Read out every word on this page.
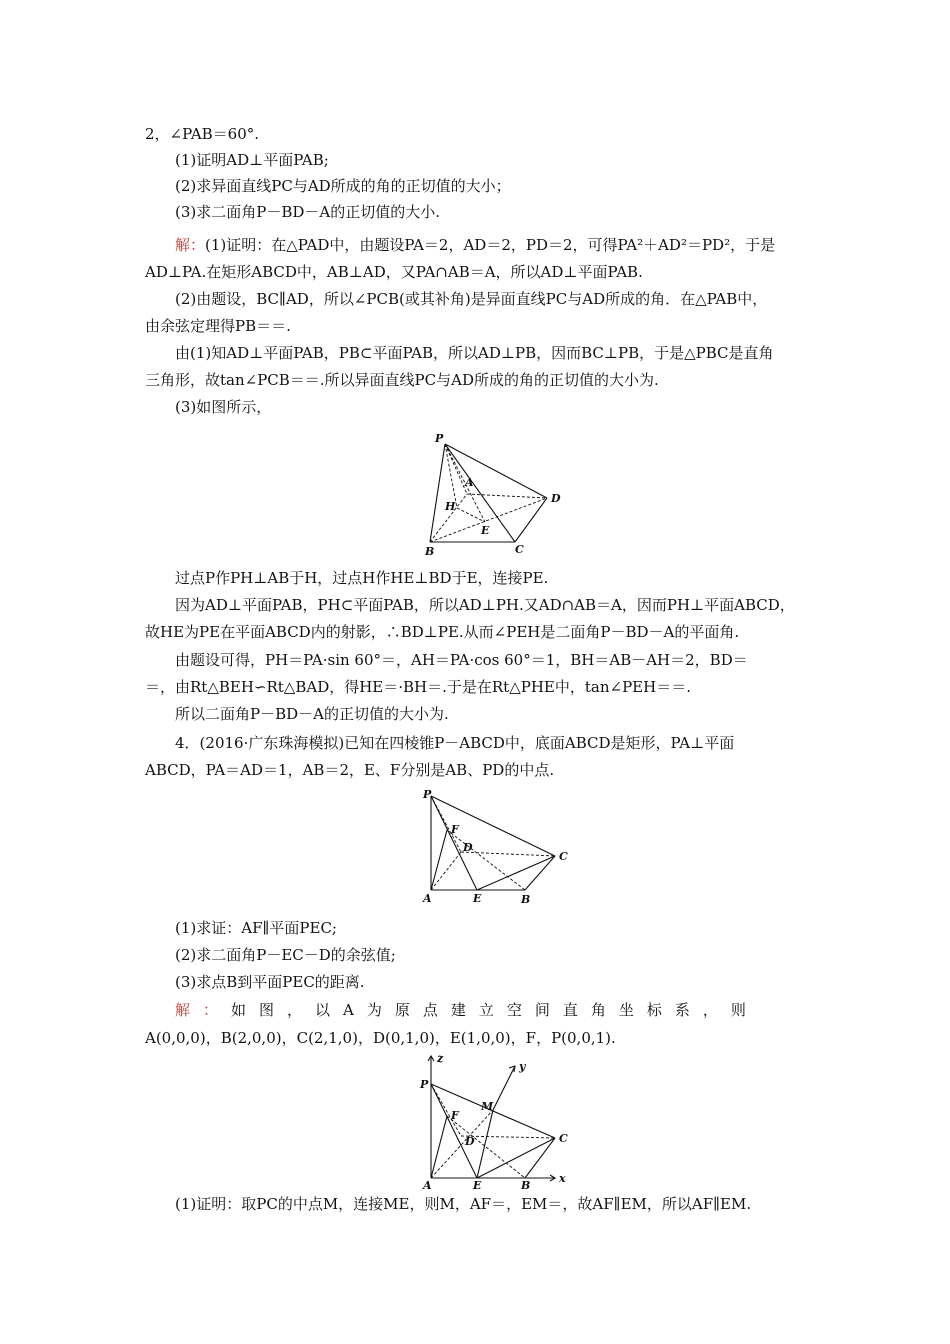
2，∠PAB＝60°.
(1)证明AD⊥平面PAB;
(2)求异面直线PC与AD所成的角的正切值的大小；
(3)求二面角P－BD－A的正切值的大小.
解：(1)证明：在△PAD中，由题设PA＝2，AD＝2，PD＝2，可得PA²＋AD²＝PD²，于是
AD⊥PA.在矩形ABCD中，AB⊥AD，又PA∩AB＝A，所以AD⊥平面PAB.
(2)由题设，BC∥AD，所以∠PCB(或其补角)是异面直线PC与AD所成的角．在△PAB中，
由余弦定理得PB＝＝.
由(1)知AD⊥平面PAB，PB⊂平面PAB，所以AD⊥PB，因而BC⊥PB，于是△PBC是直角
三角形，故tan∠PCB＝＝.所以异面直线PC与AD所成的角的正切值的大小为.
(3)如图所示，
P
A
D
H
E
B	C
过点P作PH⊥AB于H，过点H作HE⊥BD于E，连接PE.
因为AD⊥平面PAB，PH⊂平面PAB，所以AD⊥PH.又AD∩AB＝A，因而PH⊥平面ABCD，
故HE为PE在平面ABCD内的射影，∴BD⊥PE.从而∠PEH是二面角P－BD－A的平面角.
由题设可得，PH＝PA·sin 60°＝，AH＝PA·cos 60°＝1，BH＝AB－AH＝2，BD＝
＝，由Rt△BEH∽Rt△BAD，得HE＝·BH＝.于是在Rt△PHE中，tan∠PEH＝＝.
所以二面角P－BD－A的正切值的大小为.
4．(2016·广东珠海模拟)已知在四棱锥P－ABCD中，底面ABCD是矩形，PA⊥平面
ABCD，PA＝AD＝1，AB＝2，E、F分别是AB、PD的中点.
P
F
D
C
A	E	B
(1)求证：AF∥平面PEC;
(2)求二面角P－EC－D的余弦值;
(3)求点B到平面PEC的距离.
解：如图，以A为原点建立空间直角坐标系，则
A(0,0,0)，B(2,0,0)，C(2,1,0)，D(0,1,0)，E(1,0,0)，F，P(0,0,1).
z
y
x
P
M
F
D	C
A	E	B
(1)证明：取PC的中点M，连接ME，则M，AF＝，EM＝，故AF∥EM，所以AF∥EM.
